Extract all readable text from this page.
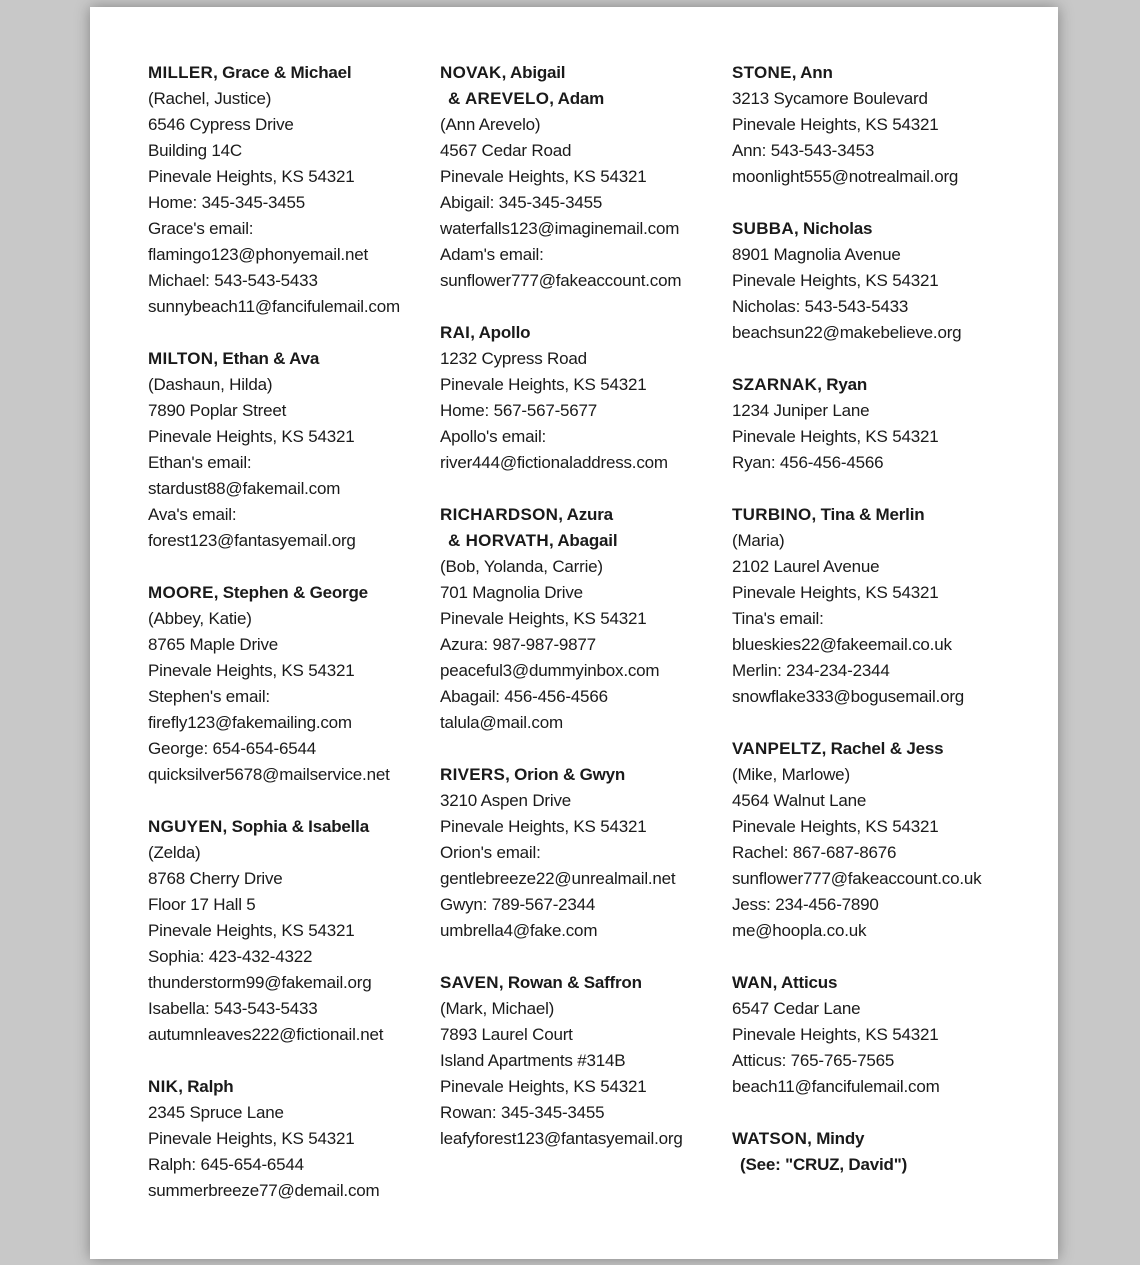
MILLER, Grace & Michael
(Rachel, Justice)
6546 Cypress Drive
Building 14C
Pinevale Heights, KS 54321
Home: 345-345-3455
Grace's email:
flamingo123@phonyemail.net
Michael: 543-543-5433
sunnybeach11@fancifulemail.com
MILTON, Ethan & Ava
(Dashaun, Hilda)
7890 Poplar Street
Pinevale Heights, KS 54321
Ethan's email:
stardust88@fakemail.com
Ava's email:
forest123@fantasyemail.org
MOORE, Stephen & George
(Abbey, Katie)
8765 Maple Drive
Pinevale Heights, KS 54321
Stephen's email:
firefly123@fakemailing.com
George: 654-654-6544
quicksilver5678@mailservice.net
NGUYEN, Sophia & Isabella
(Zelda)
8768 Cherry Drive
Floor 17 Hall 5
Pinevale Heights, KS 54321
Sophia: 423-432-4322
thunderstorm99@fakemail.org
Isabella: 543-543-5433
autumnleaves222@fictionail.net
NIK, Ralph
2345 Spruce Lane
Pinevale Heights, KS 54321
Ralph: 645-654-6544
summerbreeze77@demail.com
NOVAK, Abigail
& AREVELO, Adam
(Ann Arevelo)
4567 Cedar Road
Pinevale Heights, KS 54321
Abigail: 345-345-3455
waterfalls123@imaginemail.com
Adam's email:
sunflower777@fakeaccount.com
RAI, Apollo
1232 Cypress Road
Pinevale Heights, KS 54321
Home: 567-567-5677
Apollo's email:
river444@fictionaladdress.com
RICHARDSON, Azura
& HORVATH, Abagail
(Bob, Yolanda, Carrie)
701 Magnolia Drive
Pinevale Heights, KS 54321
Azura: 987-987-9877
peaceful3@dummyinbox.com
Abagail: 456-456-4566
talula@mail.com
RIVERS, Orion & Gwyn
3210 Aspen Drive
Pinevale Heights, KS 54321
Orion's email:
gentlebreeze22@unrealmail.net
Gwyn: 789-567-2344
umbrella4@fake.com
SAVEN, Rowan & Saffron
(Mark, Michael)
7893 Laurel Court
Island Apartments #314B
Pinevale Heights, KS 54321
Rowan: 345-345-3455
leafyforest123@fantasyemail.org
STONE, Ann
3213 Sycamore Boulevard
Pinevale Heights, KS 54321
Ann: 543-543-3453
moonlight555@notrealmail.org
SUBBA, Nicholas
8901 Magnolia Avenue
Pinevale Heights, KS 54321
Nicholas: 543-543-5433
beachsun22@makebelieve.org
SZARNAK, Ryan
1234 Juniper Lane
Pinevale Heights, KS 54321
Ryan: 456-456-4566
TURBINO, Tina & Merlin
(Maria)
2102 Laurel Avenue
Pinevale Heights, KS 54321
Tina's email:
blueskies22@fakeemail.co.uk
Merlin: 234-234-2344
snowflake333@bogusemail.org
VANPELTZ, Rachel & Jess
(Mike, Marlowe)
4564 Walnut Lane
Pinevale Heights, KS 54321
Rachel: 867-687-8676
sunflower777@fakeaccount.co.uk
Jess: 234-456-7890
me@hoopla.co.uk
WAN, Atticus
6547 Cedar Lane
Pinevale Heights, KS 54321
Atticus: 765-765-7565
beach11@fancifulemail.com
WATSON, Mindy
(See: "CRUZ, David")
